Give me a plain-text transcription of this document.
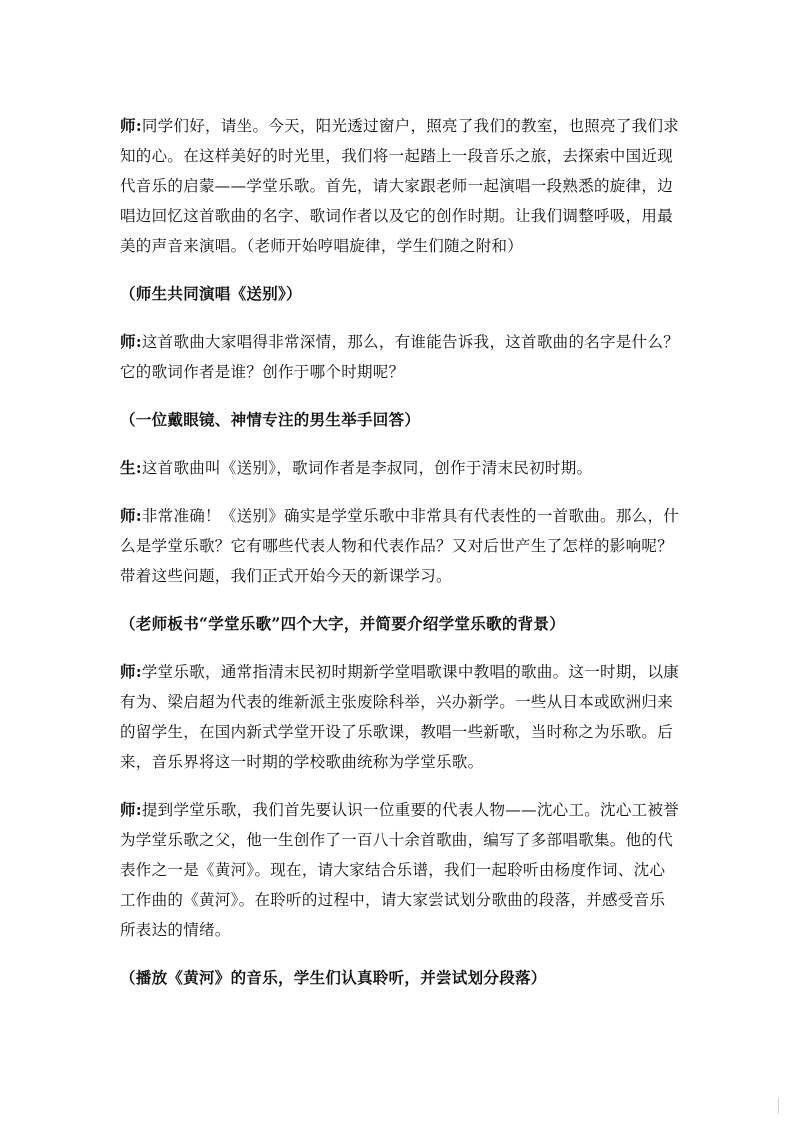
师:同学们好，请坐。今天，阳光透过窗户，照亮了我们的教室，也照亮了我们求知的心。在这样美好的时光里，我们将一起踏上一段音乐之旅，去探索中国近现代音乐的启蒙——学堂乐歌。首先，请大家跟老师一起演唱一段熟悉的旋律，边唱边回忆这首歌曲的名字、歌词作者以及它的创作时期。让我们调整呼吸，用最美的声音来演唱。（老师开始哼唱旋律，学生们随之附和）

（师生共同演唱《送别》）

师:这首歌曲大家唱得非常深情，那么，有谁能告诉我，这首歌曲的名字是什么？它的歌词作者是谁？创作于哪个时期呢？

（一位戴眼镜、神情专注的男生举手回答）

生:这首歌曲叫《送别》，歌词作者是李叔同，创作于清末民初时期。

师:非常准确！《送别》确实是学堂乐歌中非常具有代表性的一首歌曲。那么，什么是学堂乐歌？它有哪些代表人物和代表作品？又对后世产生了怎样的影响呢？带着这些问题，我们正式开始今天的新课学习。

（老师板书“学堂乐歌”四个大字，并简要介绍学堂乐歌的背景）

师:学堂乐歌，通常指清末民初时期新学堂唱歌课中教唱的歌曲。这一时期，以康有为、梁启超为代表的维新派主张废除科举，兴办新学。一些从日本或欧洲归来的留学生，在国内新式学堂开设了乐歌课，教唱一些新歌，当时称之为乐歌。后来，音乐界将这一时期的学校歌曲统称为学堂乐歌。

师:提到学堂乐歌，我们首先要认识一位重要的代表人物——沈心工。沈心工被誉为学堂乐歌之父，他一生创作了一百八十余首歌曲，编写了多部唱歌集。他的代表作之一是《黄河》。现在，请大家结合乐谱，我们一起聆听由杨度作词、沈心工作曲的《黄河》。在聆听的过程中，请大家尝试划分歌曲的段落，并感受音乐所表达的情绪。

（播放《黄河》的音乐，学生们认真聆听，并尝试划分段落）
